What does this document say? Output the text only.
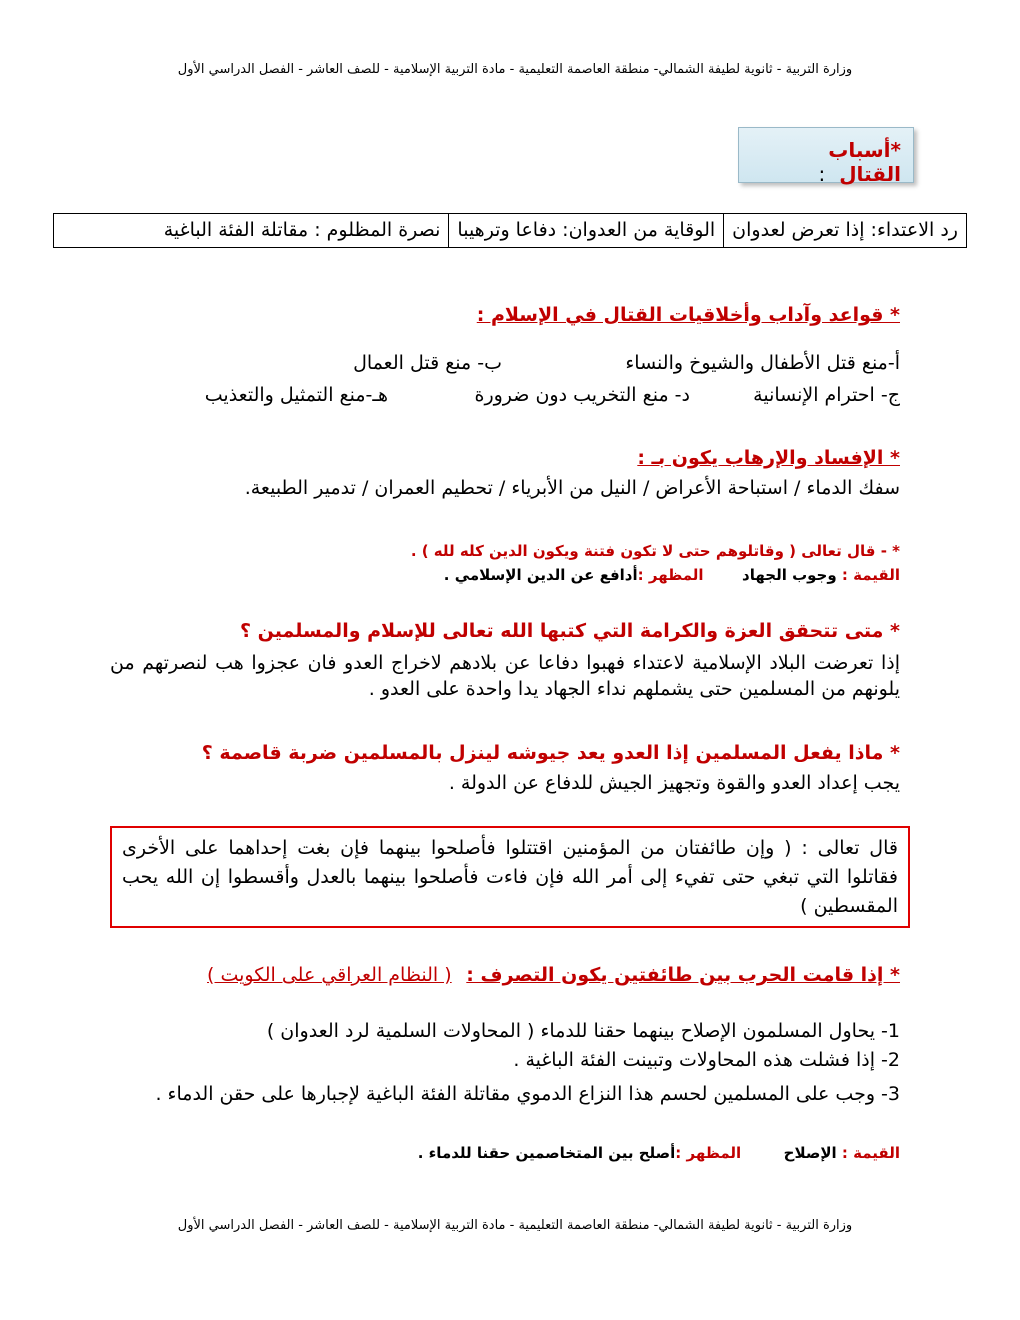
وزارة التربية - ثانوية لطيفة الشمالي- منطقة العاصمة التعليمية - مادة التربية الإسلامية - للصف العاشر - الفصل الدراسي الأول
*أسباب القتال:
رد الاعتداء: إذا تعرض لعدوان
الوقاية من العدوان: دفاعا وترهيبا
نصرة المظلوم : مقاتلة الفئة الباغية
* قواعد وآداب وأخلاقيات القتال في الإسلام :
أ-منع قتل الأطفال والشيوخ والنساء
ب- منع قتل العمال
ج- احترام الإنسانية
د- منع التخريب دون ضرورة
هـ-منع التمثيل والتعذيب
* الإفساد والإرهاب يكون بـ :
سفك الدماء / استباحة الأعراض / النيل من الأبرياء / تحطيم العمران / تدمير الطبيعة.
* - قال تعالى ( وقاتلوهم حتى لا تكون فتنة ويكون الدين كله لله ) .
القيمة : وجوب الجهاد  المظهر :أدافع عن الدين الإسلامي .
* متى تتحقق العزة والكرامة التي كتبها الله تعالى للإسلام والمسلمين ؟
إذا تعرضت البلاد الإسلامية لاعتداء فهبوا دفاعا عن بلادهم لاخراج العدو فان عجزوا هب لنصرتهم من يلونهم من المسلمين حتى يشملهم نداء الجهاد يدا واحدة على العدو .
* ماذا يفعل المسلمين إذا العدو يعد جيوشه لينزل بالمسلمين ضربة قاصمة ؟
يجب إعداد العدو والقوة وتجهيز الجيش للدفاع عن الدولة .
قال تعالى : ( وإن طائفتان من المؤمنين اقتتلوا فأصلحوا بينهما فإن بغت إحداهما على الأخرى فقاتلوا التي تبغي حتى تفيء إلى أمر الله فإن فاءت فأصلحوا بينهما بالعدل وأقسطوا إن الله يحب المقسطين )
* إذا قامت الحرب بين طائفتين يكون التصرف : ( النظام العراقي على الكويت )
1- يحاول المسلمون الإصلاح بينهما حقنا للدماء ( المحاولات السلمية لرد العدوان )
2- إذا فشلت هذه المحاولات وتبينت الفئة الباغية .
3- وجب على المسلمين لحسم هذا النزاع الدموي مقاتلة الفئة الباغية لإجبارها على حقن الدماء .
القيمة : الإصلاح  المظهر :أصلح بين المتخاصمين حقنا للدماء .
وزارة التربية - ثانوية لطيفة الشمالي- منطقة العاصمة التعليمية - مادة التربية الإسلامية - للصف العاشر - الفصل الدراسي الأول
